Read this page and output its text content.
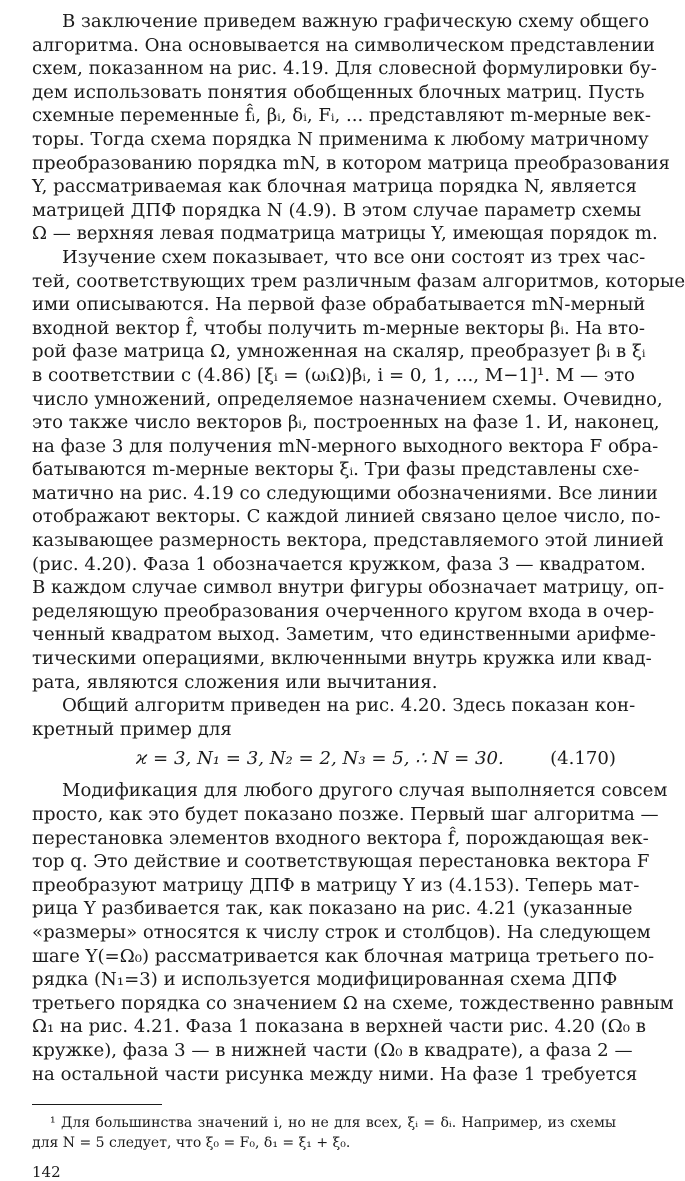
В заключение приведем важную графическую схему общего

алгоритма. Она основывается на символическом представлении

схем, показанном на рис. 4.19. Для словесной формулировки бу-

дем использовать понятия обобщенных блочных матриц. Пусть

схемные переменные f̂ᵢ, βᵢ, δᵢ, Fᵢ, ... представляют m-мерные век-

торы. Тогда схема порядка N применима к любому матричному

преобразованию порядка mN, в котором матрица преобразования

Y, рассматриваемая как блочная матрица порядка N, является

матрицей ДПФ порядка N (4.9). В этом случае параметр схемы

Ω — верхняя левая подматрица матрицы Y, имеющая порядок m.

Изучение схем показывает, что все они состоят из трех час-

тей, соответствующих трем различным фазам алгоритмов, которые

ими описываются. На первой фазе обрабатывается mN-мерный

входной вектор f̂, чтобы получить m-мерные векторы βᵢ. На вто-

рой фазе матрица Ω, умноженная на скаляр, преобразует βᵢ в ξᵢ

в соответствии с (4.86) [ξᵢ = (ωᵢΩ)βᵢ, i = 0, 1, ..., M−1]¹. M — это

число умножений, определяемое назначением схемы. Очевидно,

это также число векторов βᵢ, построенных на фазе 1. И, наконец,

на фазе 3 для получения mN-мерного выходного вектора F обра-

батываются m-мерные векторы ξᵢ. Три фазы представлены схе-

матично на рис. 4.19 со следующими обозначениями. Все линии

отображают векторы. С каждой линией связано целое число, по-

казывающее размерность вектора, представляемого этой линией

(рис. 4.20). Фаза 1 обозначается кружком, фаза 3 — квадратом.

В каждом случае символ внутри фигуры обозначает матрицу, оп-

ределяющую преобразования очерченного кругом входа в очер-

ченный квадратом выход. Заметим, что единственными арифме-

тическими операциями, включенными внутрь кружка или квад-

рата, являются сложения или вычитания.

Общий алгоритм приведен на рис. 4.20. Здесь показан кон-

кретный пример для

ϰ = 3, N₁ = 3, N₂ = 2, N₃ = 5, ∴ N = 30.	(4.170)

Модификация для любого другого случая выполняется совсем

просто, как это будет показано позже. Первый шаг алгоритма —

перестановка элементов входного вектора f̂, порождающая век-

тор q. Это действие и соответствующая перестановка вектора F

преобразуют матрицу ДПФ в матрицу Y из (4.153). Теперь мат-

рица Y разбивается так, как показано на рис. 4.21 (указанные

«размеры» относятся к числу строк и столбцов). На следующем

шаге Y(=Ω₀) рассматривается как блочная матрица третьего по-

рядка (N₁=3) и используется модифицированная схема ДПФ

третьего порядка со значением Ω на схеме, тождественно равным

Ω₁ на рис. 4.21. Фаза 1 показана в верхней части рис. 4.20 (Ω₀ в

кружке), фаза 3 — в нижней части (Ω₀ в квадрате), а фаза 2 —

на остальной части рисунка между ними. На фазе 1 требуется

¹ Для большинства значений i, но не для всех, ξᵢ = δᵢ. Например, из схемы

для N = 5 следует, что ξ₀ = F₀, δ₁ = ξ₁ + ξ₀.

142
